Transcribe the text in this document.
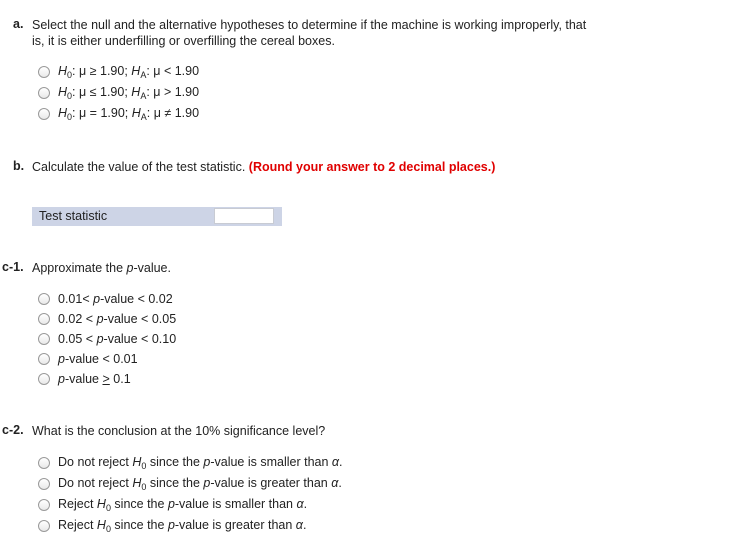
a. Select the null and the alternative hypotheses to determine if the machine is working improperly, that
is, it is either underfilling or overfilling the cereal boxes.
$H_0$: μ ≥ 1.90; $H_A$: μ < 1.90
$H_0$: μ ≤ 1.90; $H_A$: μ > 1.90
$H_0$: μ = 1.90; $H_A$: μ ≠ 1.90
b. Calculate the value of the test statistic. (Round your answer to 2 decimal places.)
Test statistic
c-1. Approximate the p-value.
0.01< p-value < 0.02
0.02 < p-value < 0.05
0.05 < p-value < 0.10
p-value < 0.01
p-value > 0.1
c-2. What is the conclusion at the 10% significance level?
Do not reject $H_0$ since the p-value is smaller than α.
Do not reject $H_0$ since the p-value is greater than α.
Reject $H_0$ since the p-value is smaller than α.
Reject $H_0$ since the p-value is greater than α.
